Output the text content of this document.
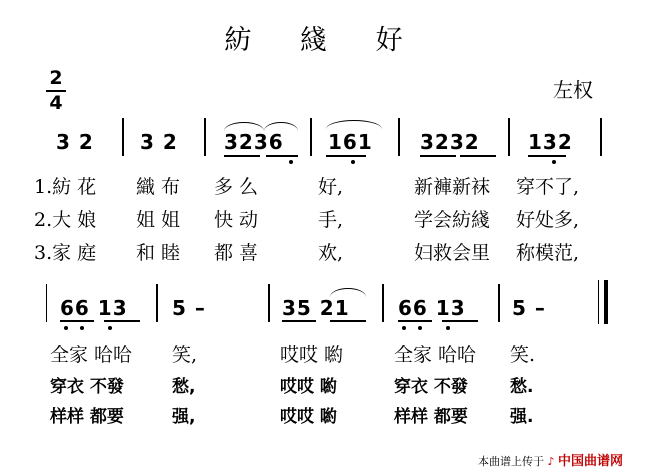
紡 綫 好
左权
2
4
3 2 3 2 3236 161 3232 132
1.紡 花 織 布 多 么	好,	新褲新袜 穿不了,
2.大 娘 姐 姐 快 动	手,	学会紡綫 好处多,
3.家 庭 和 睦 都 喜	欢,	妇救会里 称模范,
66 13 5 –	35 21 66 13 5 –
全家 哈哈 笑,	哎哎 喲	全家 哈哈 笑.
穿衣 不發	愁,	哎哎 喲	穿衣 不發 愁.
样样 都要	强,	哎哎 喲	样样 都要 强.
本曲谱上传于 ♪ 中国曲谱网
